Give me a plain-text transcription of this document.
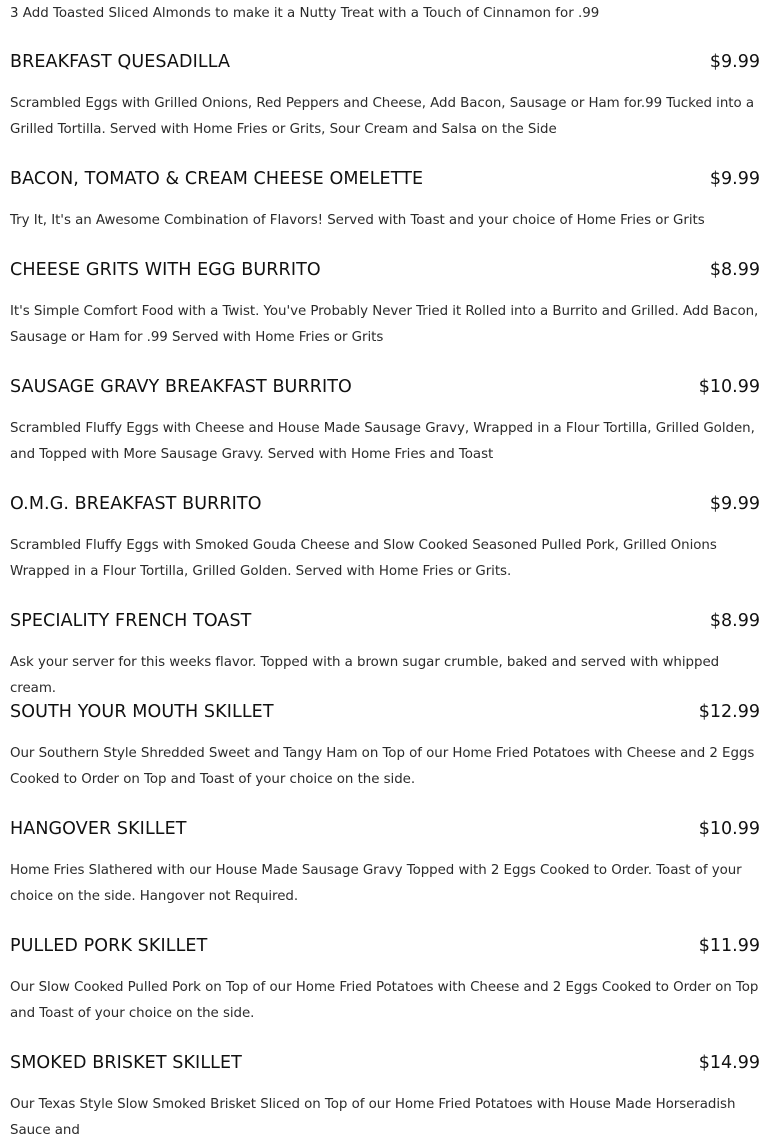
3 Add Toasted Sliced Almonds to make it a Nutty Treat with a Touch of Cinnamon for .99
BREAKFAST QUESADILLA	$9.99

Scrambled Eggs with Grilled Onions, Red Peppers and Cheese, Add Bacon, Sausage or Ham for.99 Tucked into a Grilled Tortilla. Served with Home Fries or Grits, Sour Cream and Salsa on the Side

BACON, TOMATO & CREAM CHEESE OMELETTE	$9.99

Try It, It's an Awesome Combination of Flavors! Served with Toast and your choice of Home Fries or Grits

CHEESE GRITS WITH EGG BURRITO	$8.99

It's Simple Comfort Food with a Twist. You've Probably Never Tried it Rolled into a Burrito and Grilled. Add Bacon, Sausage or Ham for .99 Served with Home Fries or Grits

SAUSAGE GRAVY BREAKFAST BURRITO	$10.99

Scrambled Fluffy Eggs with Cheese and House Made Sausage Gravy, Wrapped in a Flour Tortilla, Grilled Golden, and Topped with More Sausage Gravy. Served with Home Fries and Toast

O.M.G. BREAKFAST BURRITO	$9.99

Scrambled Fluffy Eggs with Smoked Gouda Cheese and Slow Cooked Seasoned Pulled Pork, Grilled Onions Wrapped in a Flour Tortilla, Grilled Golden. Served with Home Fries or Grits.

SPECIALITY FRENCH TOAST	$8.99

Ask your server for this weeks flavor. Topped with a brown sugar crumble, baked and served with whipped cream.

SOUTH YOUR MOUTH SKILLET	$12.99

Our Southern Style Shredded Sweet and Tangy Ham on Top of our Home Fried Potatoes with Cheese and 2 Eggs Cooked to Order on Top and Toast of your choice on the side.

HANGOVER SKILLET	$10.99

Home Fries Slathered with our House Made Sausage Gravy Topped with 2 Eggs Cooked to Order. Toast of your choice on the side. Hangover not Required.

PULLED PORK SKILLET	$11.99

Our Slow Cooked Pulled Pork on Top of our Home Fried Potatoes with Cheese and 2 Eggs Cooked to Order on Top and Toast of your choice on the side.

SMOKED BRISKET SKILLET	$14.99

Our Texas Style Slow Smoked Brisket Sliced on Top of our Home Fried Potatoes with House Made Horseradish Sauce and
